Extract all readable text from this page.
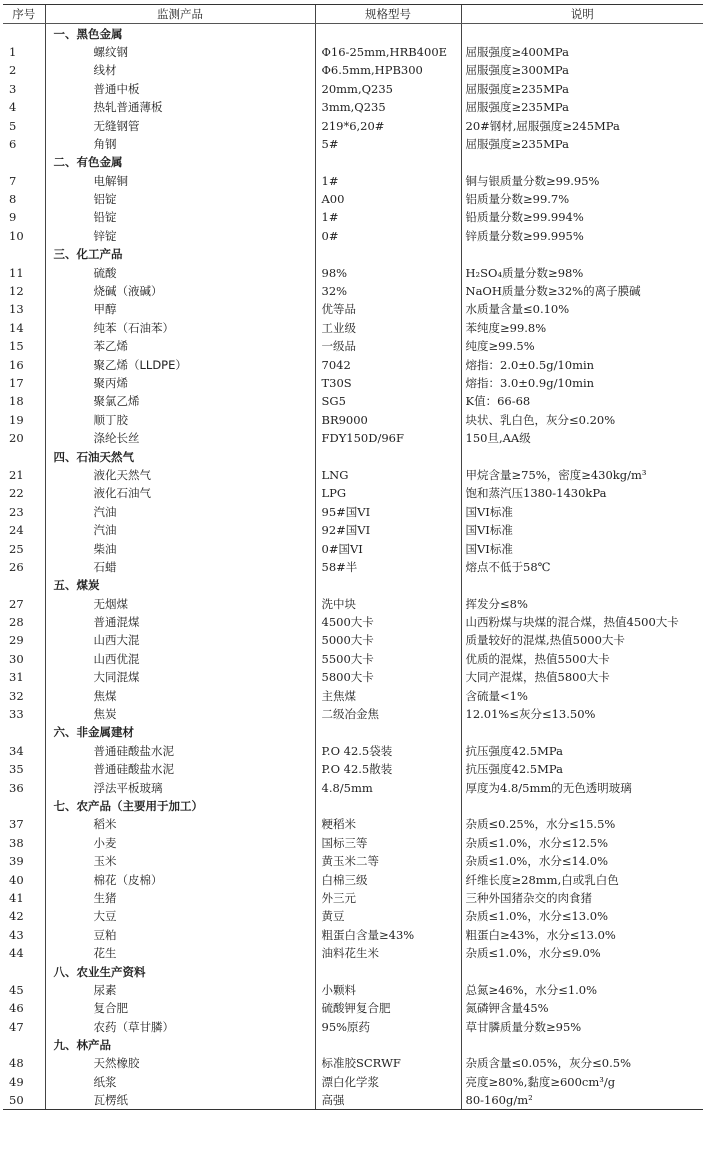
序号	监测产品	规格型号	说明
	一、黑色金属		
1	螺纹钢	Φ16-25mm,HRB400E	屈服强度≥400MPa
2	线材	Φ6.5mm,HPB300	屈服强度≥300MPa
3	普通中板	20mm,Q235	屈服强度≥235MPa
4	热轧普通薄板	3mm,Q235	屈服强度≥235MPa
5	无缝钢管	219*6,20#	20#钢材,屈服强度≥245MPa
6	角钢	5#	屈服强度≥235MPa
	二、有色金属		
7	电解铜	1#	铜与银质量分数≥99.95%
8	铝锭	A00	铝质量分数≥99.7%
9	铅锭	1#	铅质量分数≥99.994%
10	锌锭	0#	锌质量分数≥99.995%
	三、化工产品		
11	硫酸	98%	H₂SO₄质量分数≥98%
12	烧碱（液碱）	32%	NaOH质量分数≥32%的离子膜碱
13	甲醇	优等品	水质量含量≤0.10%
14	纯苯（石油苯）	工业级	苯纯度≥99.8%
15	苯乙烯	一级品	纯度≥99.5%
16	聚乙烯（LLDPE）	7042	熔指：2.0±0.5g/10min
17	聚丙烯	T30S	熔指：3.0±0.9g/10min
18	聚氯乙烯	SG5	K值：66-68
19	顺丁胶	BR9000	块状、乳白色，灰分≤0.20%
20	涤纶长丝	FDY150D/96F	150旦,AA级
	四、石油天然气		
21	液化天然气	LNG	甲烷含量≥75%，密度≥430kg/m³
22	液化石油气	LPG	饱和蒸汽压1380-1430kPa
23	汽油	95#国VI	国VI标准
24	汽油	92#国VI	国VI标准
25	柴油	0#国VI	国VI标准
26	石蜡	58#半	熔点不低于58℃
	五、煤炭		
27	无烟煤	洗中块	挥发分≤8%
28	普通混煤	4500大卡	山西粉煤与块煤的混合煤，热值4500大卡
29	山西大混	5000大卡	质量较好的混煤,热值5000大卡
30	山西优混	5500大卡	优质的混煤，热值5500大卡
31	大同混煤	5800大卡	大同产混煤，热值5800大卡
32	焦煤	主焦煤	含硫量<1%
33	焦炭	二级冶金焦	12.01%≤灰分≤13.50%
	六、非金属建材		
34	普通硅酸盐水泥	P.O 42.5袋装	抗压强度42.5MPa
35	普通硅酸盐水泥	P.O 42.5散装	抗压强度42.5MPa
36	浮法平板玻璃	4.8/5mm	厚度为4.8/5mm的无色透明玻璃
	七、农产品（主要用于加工）		
37	稻米	粳稻米	杂质≤0.25%，水分≤15.5%
38	小麦	国标三等	杂质≤1.0%，水分≤12.5%
39	玉米	黄玉米二等	杂质≤1.0%，水分≤14.0%
40	棉花（皮棉）	白棉三级	纤维长度≥28mm,白或乳白色
41	生猪	外三元	三种外国猪杂交的肉食猪
42	大豆	黄豆	杂质≤1.0%，水分≤13.0%
43	豆粕	粗蛋白含量≥43%	粗蛋白≥43%，水分≤13.0%
44	花生	油料花生米	杂质≤1.0%，水分≤9.0%
	八、农业生产资料		
45	尿素	小颗料	总氮≥46%，水分≤1.0%
46	复合肥	硫酸钾复合肥	氮磷钾含量45%
47	农药（草甘膦）	95%原药	草甘膦质量分数≥95%
	九、林产品		
48	天然橡胶	标准胶SCRWF	杂质含量≤0.05%，灰分≤0.5%
49	纸浆	漂白化学浆	亮度≥80%,黏度≥600cm³/g
50	瓦楞纸	高强	80-160g/m²
